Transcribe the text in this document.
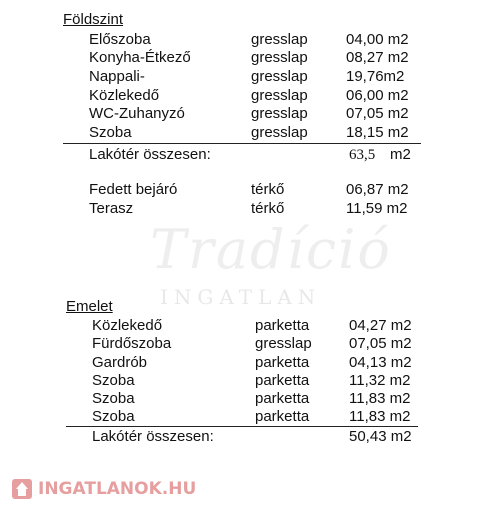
Tradíció
INGATLAN
Földszint
Előszoba	gresslap	04,00 m2
Konyha-Étkező	gresslap	08,27 m2
Nappali-	gresslap	19,76m2
Közlekedő	gresslap	06,00 m2
WC-Zuhanyzó	gresslap	07,05 m2
Szoba	gresslap	18,15 m2
Lakótér összesen:	63,5 m2
Fedett bejáró	térkő	06,87 m2
Terasz	térkő	11,59 m2
Emelet
Közlekedő	parketta	04,27 m2
Fürdőszoba	gresslap 07,05 m2
Gardrób	parketta	04,13 m2
Szoba	parketta	11,32 m2
Szoba	parketta	11,83 m2
Szoba	parketta	11,83 m2
Lakótér összesen:	50,43 m2
INGATLANOK.HU
